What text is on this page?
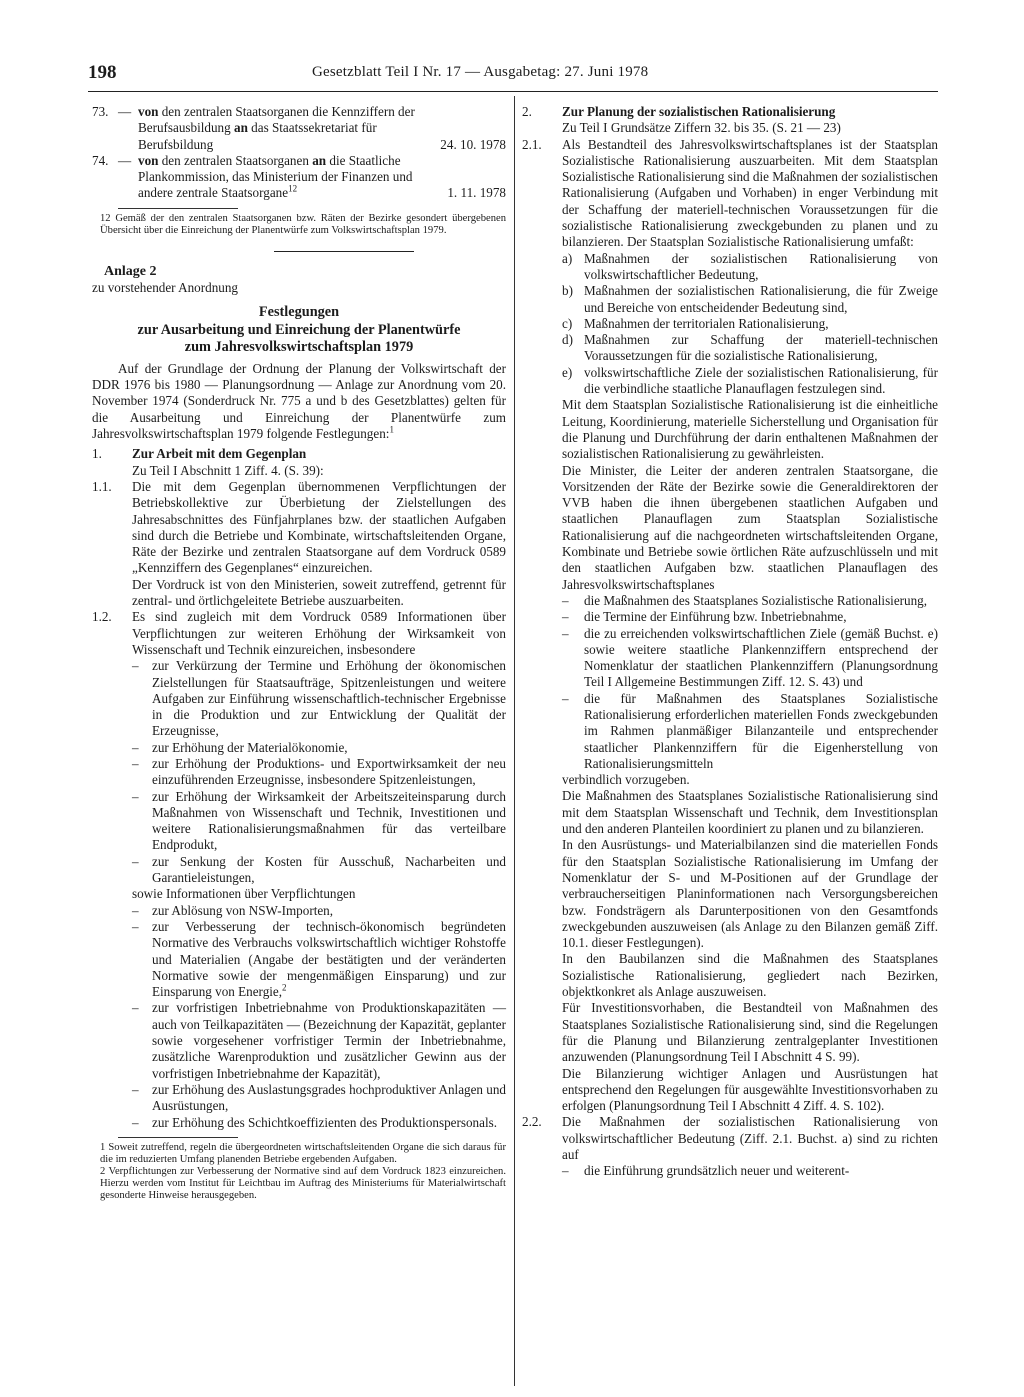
198	Gesetzblatt Teil I Nr. 17 — Ausgabetag: 27. Juni 1978
73. — von den zentralen Staatsorganen die Kennziffern der Berufsausbildung an das Staatssekretariat für Berufsbildung	24. 10. 1978
74. — von den zentralen Staatsorganen an die Staatliche Plankommission, das Ministerium der Finanzen und andere zentrale Staatsorgane$^{12}$	1. 11. 1978
12 Gemäß der den zentralen Staatsorganen bzw. Räten der Bezirke gesondert übergebenen Übersicht über die Einreichung der Planentwürfe zum Volkswirtschaftsplan 1979.
Anlage 2
zu vorstehender Anordnung
Festlegungen
zur Ausarbeitung und Einreichung der Planentwürfe
zum Jahresvolkswirtschaftsplan 1979
Auf der Grundlage der Ordnung der Planung der Volkswirtschaft der DDR 1976 bis 1980 — Planungsordnung — Anlage zur Anordnung vom 20. November 1974 (Sonderdruck Nr. 775 a und b des Gesetzblattes) gelten für die Ausarbeitung und Einreichung der Planentwürfe zum Jahresvolkswirtschaftsplan 1979 folgende Festlegungen:$^1$
1.	Zur Arbeit mit dem Gegenplan
Zu Teil I Abschnitt 1 Ziff. 4. (S. 39):
1.1.	Die mit dem Gegenplan übernommenen Verpflichtungen der Betriebskollektive zur Überbietung der Zielstellungen des Jahresabschnittes des Fünfjahrplanes bzw. der staatlichen Aufgaben sind durch die Betriebe und Kombinate, wirtschaftsleitenden Organe, Räte der Bezirke und zentralen Staatsorgane auf dem Vordruck 0589 „Kennziffern des Gegenplanes“ einzureichen.
Der Vordruck ist von den Ministerien, soweit zutreffend, getrennt für zentral- und örtlichgeleitete Betriebe auszuarbeiten.
1.2.	Es sind zugleich mit dem Vordruck 0589 Informationen über Verpflichtungen zur weiteren Erhöhung der Wirksamkeit von Wissenschaft und Technik einzureichen, insbesondere
–	zur Verkürzung der Termine und Erhöhung der ökonomischen Zielstellungen für Staatsaufträge, Spitzenleistungen und weitere Aufgaben zur Einführung wissenschaftlich-technischer Ergebnisse in die Produktion und zur Entwicklung der Qualität der Erzeugnisse,
–	zur Erhöhung der Materialökonomie,
–	zur Erhöhung der Produktions- und Exportwirksamkeit der neu einzuführenden Erzeugnisse, insbesondere Spitzenleistungen,
–	zur Erhöhung der Wirksamkeit der Arbeitszeiteinsparung durch Maßnahmen von Wissenschaft und Technik, Investitionen und weitere Rationalisierungsmaßnahmen für das verteilbare Endprodukt,
–	zur Senkung der Kosten für Ausschuß, Nacharbeiten und Garantieleistungen,
sowie Informationen über Verpflichtungen
–	zur Ablösung von NSW-Importen,
–	zur Verbesserung der technisch-ökonomisch begründeten Normative des Verbrauchs volkswirtschaftlich wichtiger Rohstoffe und Materialien (Angabe der bestätigten und der veränderten Normative sowie der mengenmäßigen Einsparung) und zur Einsparung von Energie,$^2$
–	zur vorfristigen Inbetriebnahme von Produktionskapazitäten — auch von Teilkapazitäten — (Bezeichnung der Kapazität, geplanter sowie vorgesehener vorfristiger Termin der Inbetriebnahme, zusätzliche Warenproduktion und zusätzlicher Gewinn aus der vorfristigen Inbetriebnahme der Kapazität),
–	zur Erhöhung des Auslastungsgrades hochproduktiver Anlagen und Ausrüstungen,
–	zur Erhöhung des Schichtkoeffizienten des Produktionspersonals.
1 Soweit zutreffend, regeln die übergeordneten wirtschaftsleitenden Organe die sich daraus für die im reduzierten Umfang planenden Betriebe ergebenden Aufgaben.
2 Verpflichtungen zur Verbesserung der Normative sind auf dem Vordruck 1823 einzureichen. Hierzu werden vom Institut für Leichtbau im Auftrag des Ministeriums für Materialwirtschaft gesonderte Hinweise herausgegeben.
2.	Zur Planung der sozialistischen Rationalisierung
Zu Teil I Grundsätze Ziffern 32. bis 35. (S. 21 — 23)
2.1.	Als Bestandteil des Jahresvolkswirtschaftsplanes ist der Staatsplan Sozialistische Rationalisierung auszuarbeiten. Mit dem Staatsplan Sozialistische Rationalisierung sind die Maßnahmen der sozialistischen Rationalisierung (Aufgaben und Vorhaben) in enger Verbindung mit der Schaffung der materiell-technischen Voraussetzungen für die sozialistische Rationalisierung zweckgebunden zu planen und zu bilanzieren. Der Staatsplan Sozialistische Rationalisierung umfaßt:
a) Maßnahmen der sozialistischen Rationalisierung von volkswirtschaftlicher Bedeutung,
b) Maßnahmen der sozialistischen Rationalisierung, die für Zweige und Bereiche von entscheidender Bedeutung sind,
c) Maßnahmen der territorialen Rationalisierung,
d) Maßnahmen zur Schaffung der materiell-technischen Voraussetzungen für die sozialistische Rationalisierung,
e) volkswirtschaftliche Ziele der sozialistischen Rationalisierung, für die verbindliche staatliche Planauflagen festzulegen sind.
Mit dem Staatsplan Sozialistische Rationalisierung ist die einheitliche Leitung, Koordinierung, materielle Sicherstellung und Organisation für die Planung und Durchführung der darin enthaltenen Maßnahmen der sozialistischen Rationalisierung zu gewährleisten.
Die Minister, die Leiter der anderen zentralen Staatsorgane, die Vorsitzenden der Räte der Bezirke sowie die Generaldirektoren der VVB haben die ihnen übergebenen staatlichen Aufgaben und staatlichen Planauflagen zum Staatsplan Sozialistische Rationalisierung auf die nachgeordneten wirtschaftsleitenden Organe, Kombinate und Betriebe sowie örtlichen Räte aufzuschlüsseln und mit den staatlichen Aufgaben bzw. staatlichen Planauflagen des Jahresvolkswirtschaftsplanes
–	die Maßnahmen des Staatsplanes Sozialistische Rationalisierung,
–	die Termine der Einführung bzw. Inbetriebnahme,
–	die zu erreichenden volkswirtschaftlichen Ziele (gemäß Buchst. e) sowie weitere staatliche Plankennziffern entsprechend der Nomenklatur der staatlichen Plankennziffern (Planungsordnung Teil I Allgemeine Bestimmungen Ziff. 12. S. 43) und
–	die für Maßnahmen des Staatsplanes Sozialistische Rationalisierung erforderlichen materiellen Fonds zweckgebunden im Rahmen planmäßiger Bilanzanteile und entsprechender staatlicher Plankennziffern für die Eigenherstellung von Rationalisierungsmitteln
verbindlich vorzugeben.
Die Maßnahmen des Staatsplanes Sozialistische Rationalisierung sind mit dem Staatsplan Wissenschaft und Technik, dem Investitionsplan und den anderen Planteilen koordiniert zu planen und zu bilanzieren.
In den Ausrüstungs- und Materialbilanzen sind die materiellen Fonds für den Staatsplan Sozialistische Rationalisierung im Umfang der Nomenklatur der S- und M-Positionen auf der Grundlage der verbraucherseitigen Planinformationen nach Versorgungsbereichen bzw. Fondsträgern als Darunterpositionen von den Gesamtfonds zweckgebunden auszuweisen (als Anlage zu den Bilanzen gemäß Ziff. 10.1. dieser Festlegungen).
In den Baubilanzen sind die Maßnahmen des Staatsplanes Sozialistische Rationalisierung, gegliedert nach Bezirken, objektkonkret als Anlage auszuweisen.
Für Investitionsvorhaben, die Bestandteil von Maßnahmen des Staatsplanes Sozialistische Rationalisierung sind, sind die Regelungen für die Planung und Bilanzierung zentralgeplanter Investitionen anzuwenden (Planungsordnung Teil I Abschnitt 4 S. 99).
Die Bilanzierung wichtiger Anlagen und Ausrüstungen hat entsprechend den Regelungen für ausgewählte Investitionsvorhaben zu erfolgen (Planungsordnung Teil I Abschnitt 4 Ziff. 4. S. 102).
2.2.	Die Maßnahmen der sozialistischen Rationalisierung von volkswirtschaftlicher Bedeutung (Ziff. 2.1. Buchst. a) sind zu richten auf
–	die Einführung grundsätzlich neuer und weiterent-
